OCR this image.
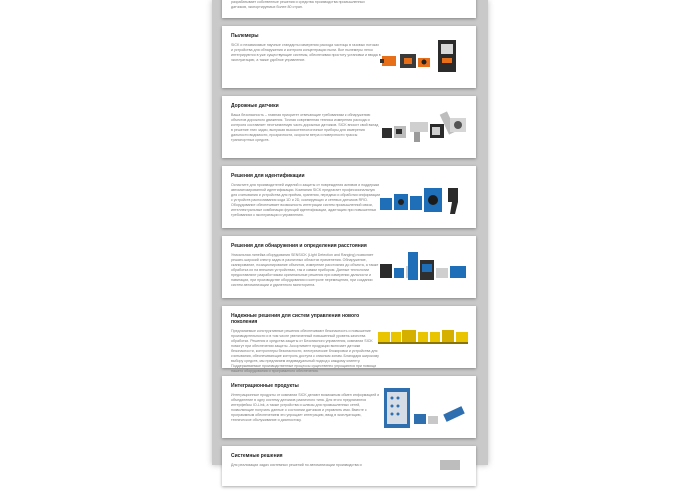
разрабатывает собственные решения и средства производства промышленных датчиков, экспортируемых более 80 стран.

Пылемеры

SICK и независимые научные стандарты измерения расхода частицы в газовых потоках и устройства для обнаружения и контроля концентрации пыли. Все пылемеры легко интегрируются в уже существующие системы, обеспечивая простоту установки и ввода в эксплуатацию, а также удобное управление.

Дорожные датчики

Ваша безопасность – главная приоритет отвечающие требованиям к обнаружению объектов дорожного движения. Точная современная техника измерения расхода и контроля составляет неотъемлемую часть дорожных датчиков. SICK вносит свой вклад в решение этих задач, выпуская высокотехнологичные приборы для измерения дальности видимости, прозрачности, скорости ветра и поверхности трассы транспортных средств.

Решения для идентификации

Оснастите для производителей изделий и защиты от повреждения активов и поддержки автоматизированной идентификации. Компания SICK предлагает профессиональную для считывания и устройства для приёма, хранения, передачи и обработки информации с устройств распознавания кода 1D и 2D, сканирующих и сетевых датчиков RFID. Оборудование обеспечивает возможность интеграции систем промышленной связи, интеллектуальные комбинации функций идентификации, адаптацию при повышенных требованиях к эксплуатации и управлению.

Решения для обнаружения и определения расстояния

Уникальная линейка оборудования SENSICK (Light Detection and Ranging) позволяет решать широкий спектр задач в различных областях применения. Обнаружение, сканирование, позиционирование объектов, измерение расстояния до объекта, а также обработка их на внешних устройствах, так и самим прибором. Данные технологии предоставляют разработчикам оригинальные решения при измерении дальности и навигации, при производстве оборудования и контроле перемещения, при создании систем автоматизации и удаленного мониторинга.

Надежные решения для систем управления нового поколения

Предлагаемые конструктивные решения обеспечивают безопасность и повышение производительности и в том числе увеличенный повышенный уровень качества обработки. Решения и средства защиты от Безопасного управления, компании SICK помогут при обеспечении защиты. Ассортимент продукции включает датчики безопасности, контроллеры безопасности, электрические блокировки и устройства для считывания, обеспечивающие контроль доступа к опасным зонам. Благодаря широкому выбору средств, мы предлагаем индивидуальный подход к каждому клиенту. Поддерживаемые производственные процессы существенно упрощаются при помощи нашего оборудования и программного обеспечения.

Интеграционные продукты

Интеграционные продукты от компании SICK делают возможным обмен информацией и объединение в одну систему датчиков различного типа. Для этого предлагаются интерфейсы IO-Link, а также устройства и шлюзы для промышленных сетей, позволяющие получать данные о состоянии датчиков и управлять ими. Вместе с программным обеспечением это упрощает интеграцию, ввод в эксплуатацию, техническое обслуживание и диагностику.

Системные решения

Для реализации задач системных решений по автоматизации производства и
